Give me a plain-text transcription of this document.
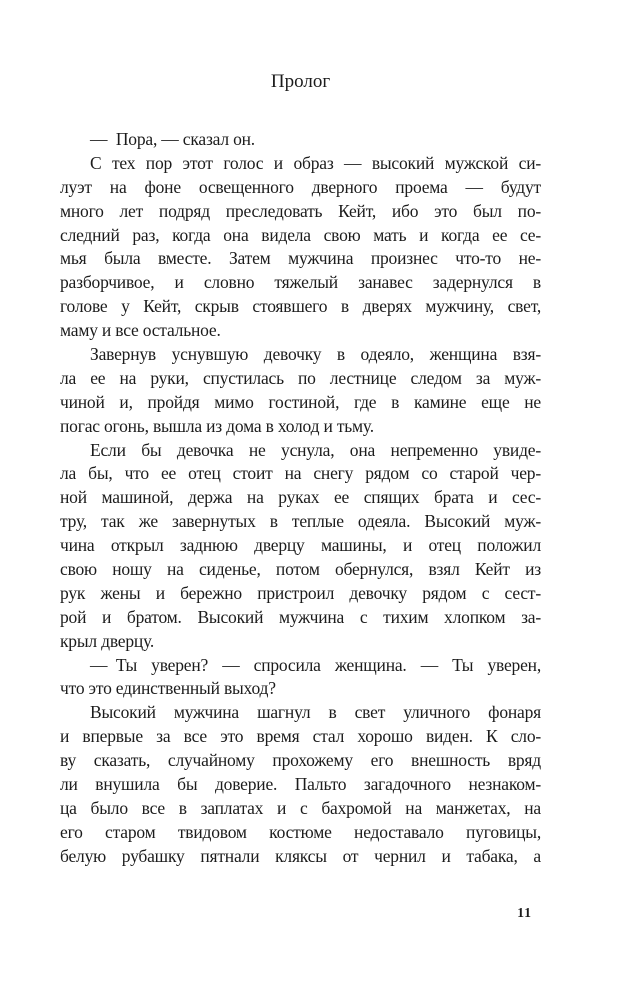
Пролог
— Пора, — сказал он.
С тех пор этот голос и образ — высокий мужской си-
луэт на фоне освещенного дверного проема — будут
много лет подряд преследовать Кейт, ибо это был по-
следний раз, когда она видела свою мать и когда ее се-
мья была вместе. Затем мужчина произнес что-то не-
разборчивое, и словно тяжелый занавес задернулся в
голове у Кейт, скрыв стоявшего в дверях мужчину, свет,
маму и все остальное.
Завернув уснувшую девочку в одеяло, женщина взя-
ла ее на руки, спустилась по лестнице следом за муж-
чиной и, пройдя мимо гостиной, где в камине еще не
погас огонь, вышла из дома в холод и тьму.
Если бы девочка не уснула, она непременно увиде-
ла бы, что ее отец стоит на снегу рядом со старой чер-
ной машиной, держа на руках ее спящих брата и сес-
тру, так же завернутых в теплые одеяла. Высокий муж-
чина открыл заднюю дверцу машины, и отец положил
свою ношу на сиденье, потом обернулся, взял Кейт из
рук жены и бережно пристроил девочку рядом с сест-
рой и братом. Высокий мужчина с тихим хлопком за-
крыл дверцу.
— Ты уверен? — спросила женщина. — Ты уверен,
что это единственный выход?
Высокий мужчина шагнул в свет уличного фонаря
и впервые за все это время стал хорошо виден. К сло-
ву сказать, случайному прохожему его внешность вряд
ли внушила бы доверие. Пальто загадочного незнаком-
ца было все в заплатах и с бахромой на манжетах, на
его старом твидовом костюме недоставало пуговицы,
белую рубашку пятнали кляксы от чернил и табака, а
11
